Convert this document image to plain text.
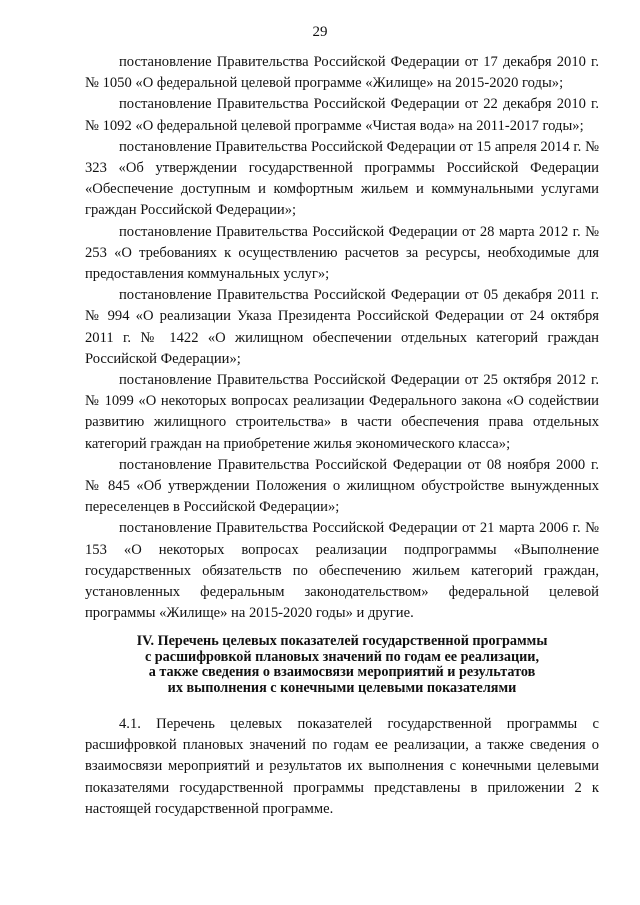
29

постановление Правительства Российской Федерации от 17 декабря 2010 г. № 1050 «О федеральной целевой программе «Жилище» на 2015-2020 годы»;

постановление Правительства Российской Федерации от 22 декабря 2010 г. № 1092 «О федеральной целевой программе «Чистая вода» на 2011-2017 годы»;

постановление Правительства Российской Федерации от 15 апреля 2014 г. № 323 «Об утверждении государственной программы Российской Федерации «Обеспечение доступным и комфортным жильем и коммунальными услугами граждан Российской Федерации»;

постановление Правительства Российской Федерации от 28 марта 2012 г. № 253 «О требованиях к осуществлению расчетов за ресурсы, необходимые для предоставления коммунальных услуг»;

постановление Правительства Российской Федерации от 05 декабря 2011 г. № 994 «О реализации Указа Президента Российской Федерации от 24 октября 2011 г. № 1422 «О жилищном обеспечении отдельных категорий граждан Российской Федерации»;

постановление Правительства Российской Федерации от 25 октября 2012 г. № 1099 «О некоторых вопросах реализации Федерального закона «О содействии развитию жилищного строительства» в части обеспечения права отдельных категорий граждан на приобретение жилья экономического класса»;

постановление Правительства Российской Федерации от 08 ноября 2000 г. № 845 «Об утверждении Положения о жилищном обустройстве вынужденных переселенцев в Российской Федерации»;

постановление Правительства Российской Федерации от 21 марта 2006 г. № 153 «О некоторых вопросах реализации подпрограммы «Выполнение государственных обязательств по обеспечению жильем категорий граждан, установленных федеральным законодательством» федеральной целевой программы «Жилище» на 2015-2020 годы» и другие.

IV. Перечень целевых показателей государственной программы
с расшифровкой плановых значений по годам ее реализации,
а также сведения о взаимосвязи мероприятий и результатов
их выполнения с конечными целевыми показателями

4.1. Перечень целевых показателей государственной программы с расшифровкой плановых значений по годам ее реализации, а также сведения о взаимосвязи мероприятий и результатов их выполнения с конечными целевыми показателями государственной программы представлены в приложении 2 к настоящей государственной программе.
